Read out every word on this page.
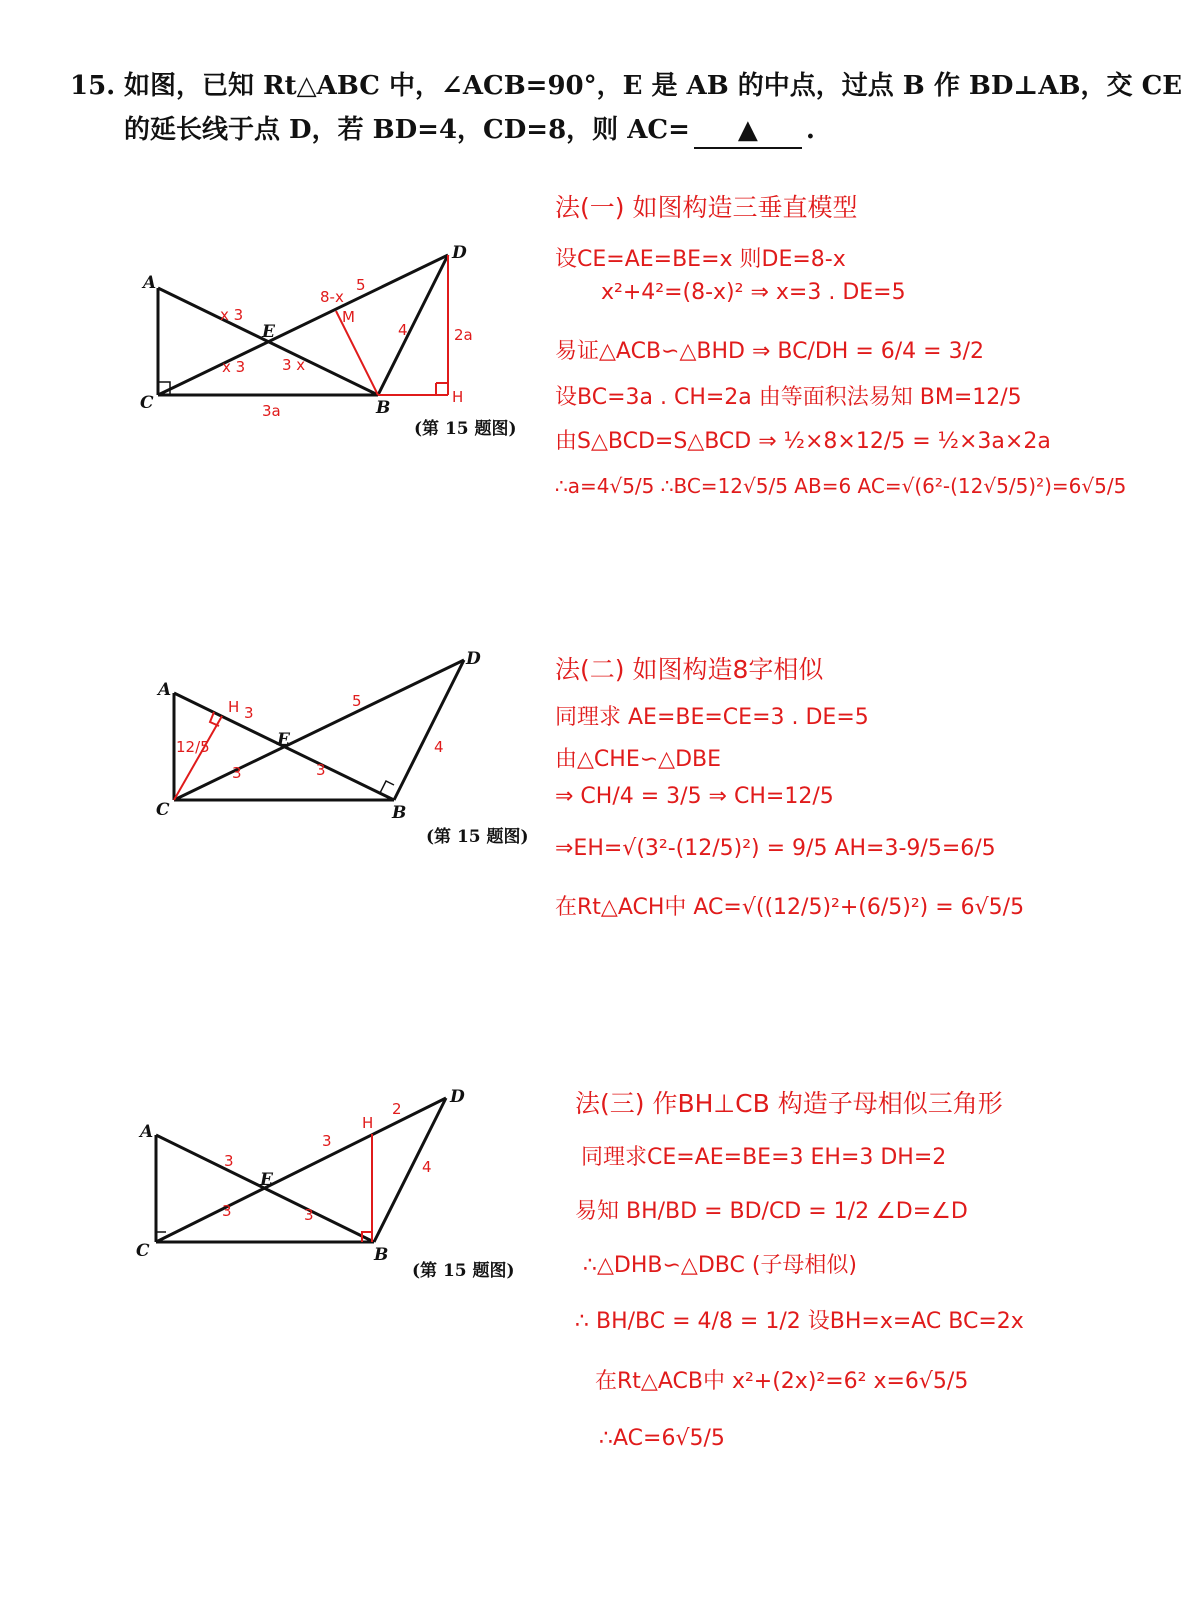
15. 如图，已知 Rt△ABC 中，∠ACB=90°，E 是 AB 的中点，过点 B 作 BD⊥AB，交 CE
的延长线于点 D，若 BD=4，CD=8，则 AC= ▲ .
A
C	B
D
E
M
H
x 3
x 3 3 x
8-x
5
4	2a
3a
(第 15 题图)
A
C	B
D
E
H 3
12/5
3	3
5
4
(第 15 题图)
A
C	B
D
E
H
2
3
3
3	3
4
(第 15 题图)
法(一) 如图构造三垂直模型
设CE=AE=BE=x 则DE=8-x
x²+4²=(8-x)² ⇒ x=3 . DE=5
易证△ACB∽△BHD ⇒ BC/DH = 6/4 = 3/2
设BC=3a . CH=2a 由等面积法易知 BM=12/5
由S△BCD=S△BCD ⇒ ½×8×12/5 = ½×3a×2a
∴a=4√5/5 ∴BC=12√5/5 AB=6 AC=√(6²-(12√5/5)²)=6√5/5
法(二) 如图构造8字相似
同理求 AE=BE=CE=3 . DE=5
由△CHE∽△DBE
⇒ CH/4 = 3/5 ⇒ CH=12/5
⇒EH=√(3²-(12/5)²) = 9/5 AH=3-9/5=6/5
在Rt△ACH中 AC=√((12/5)²+(6/5)²) = 6√5/5
法(三) 作BH⊥CB 构造子母相似三角形
同理求CE=AE=BE=3 EH=3 DH=2
易知 BH/BD = BD/CD = 1/2 ∠D=∠D
∴△DHB∽△DBC (子母相似)
∴ BH/BC = 4/8 = 1/2 设BH=x=AC BC=2x
在Rt△ACB中 x²+(2x)²=6² x=6√5/5
∴AC=6√5/5
